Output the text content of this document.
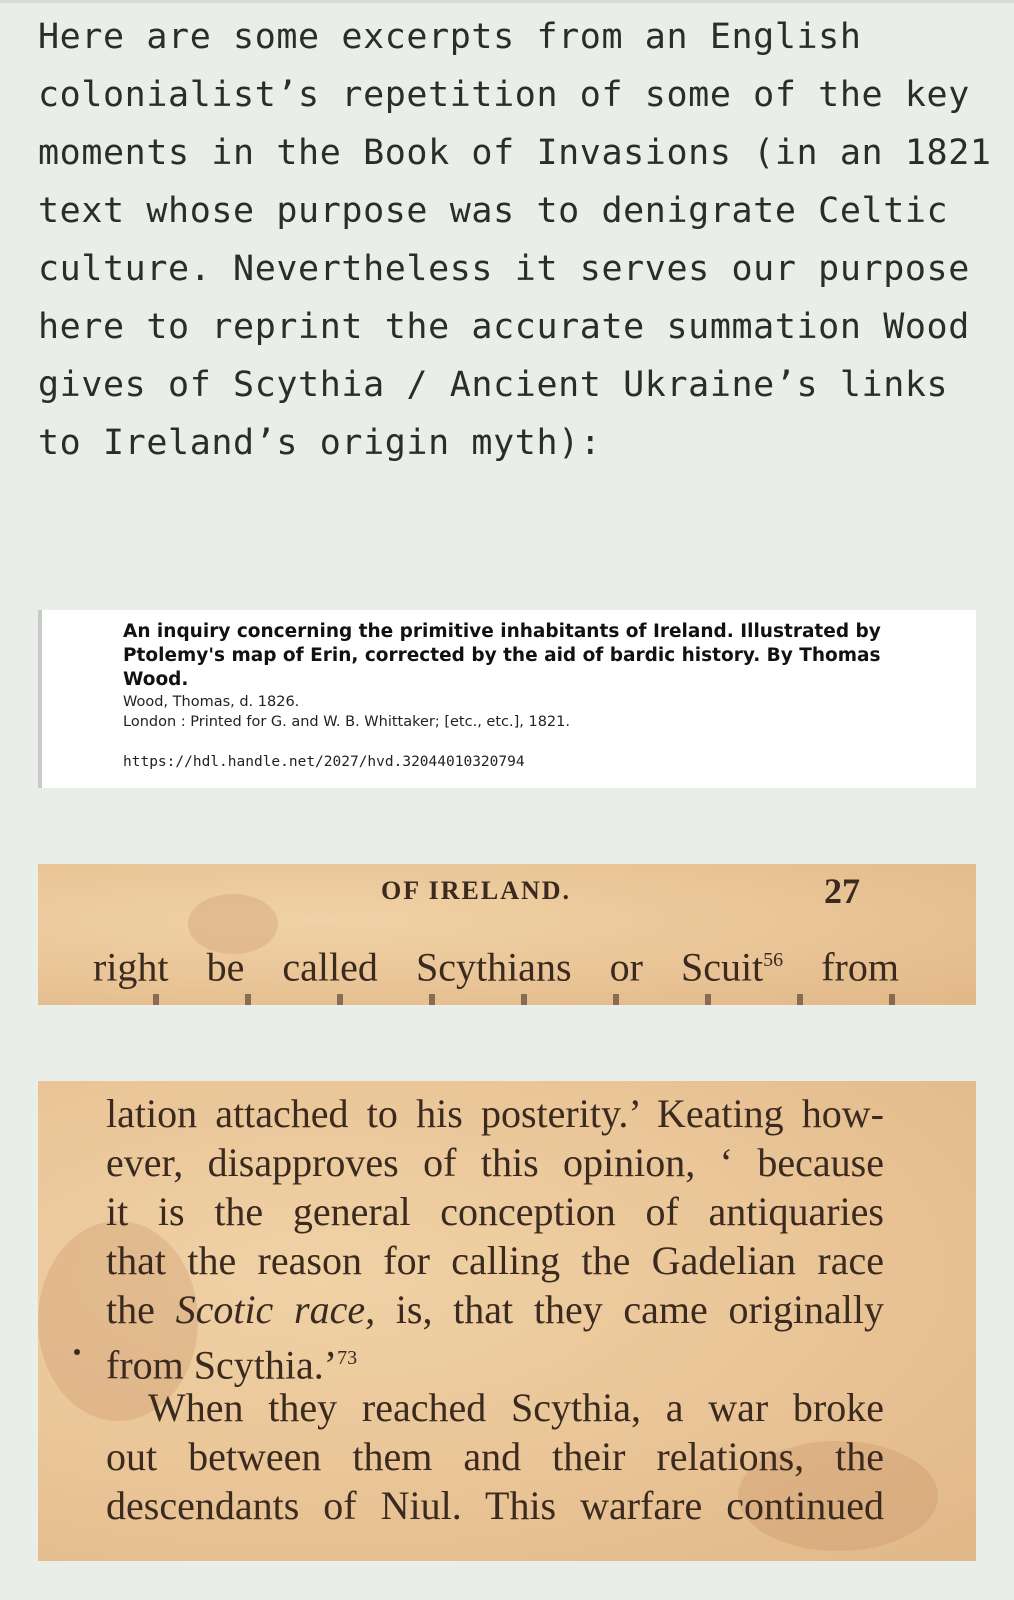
Here are some excerpts from an English colonialist’s repetition of some of the key moments in the Book of Invasions (in an 1821 text whose purpose was to denigrate Celtic culture. Nevertheless it serves our purpose here to reprint the accurate summation Wood gives of Scythia / Ancient Ukraine’s links to Ireland’s origin myth):

An inquiry concerning the primitive inhabitants of Ireland. Illustrated by Ptolemy's map of Erin, corrected by the aid of bardic history. By Thomas Wood.

Wood, Thomas, d. 1826.
London : Printed for G. and W. B. Whittaker; [etc., etc.], 1821.
https://hdl.handle.net/2027/hvd.32044010320794
OF IRELAND.	27
right be called Scythians or Scuit$^{56}$ from
lation attached to his posterity.’ Keating how-
ever, disapproves of this opinion, ‘ because
it is the general conception of antiquaries
that the reason for calling the Gadelian race
the Scotic race, is, that they came originally
from Scythia.’$^{73}$
When they reached Scythia, a war broke
out between them and their relations, the
descendants of Niul. This warfare continued
